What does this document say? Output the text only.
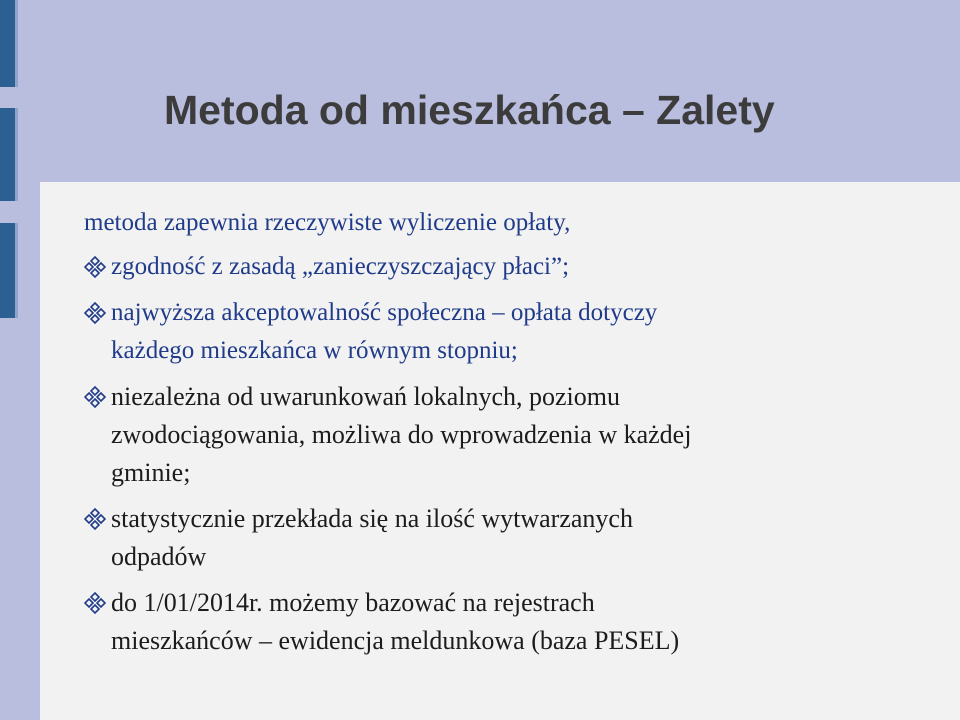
Metoda od mieszkańca – Zalety

metoda zapewnia rzeczywiste wyliczenie opłaty,

zgodność z zasadą „zanieczyszczający płaci”;
najwyższa akceptowalność społeczna – opłata dotyczy
każdego mieszkańca w równym stopniu;
niezależna od uwarunkowań lokalnych, poziomu
zwodociągowania, możliwa do wprowadzenia w każdej
gminie;
statystycznie przekłada się na ilość wytwarzanych
odpadów
do 1/01/2014r. możemy bazować na rejestrach
mieszkańców – ewidencja meldunkowa (baza PESEL)
